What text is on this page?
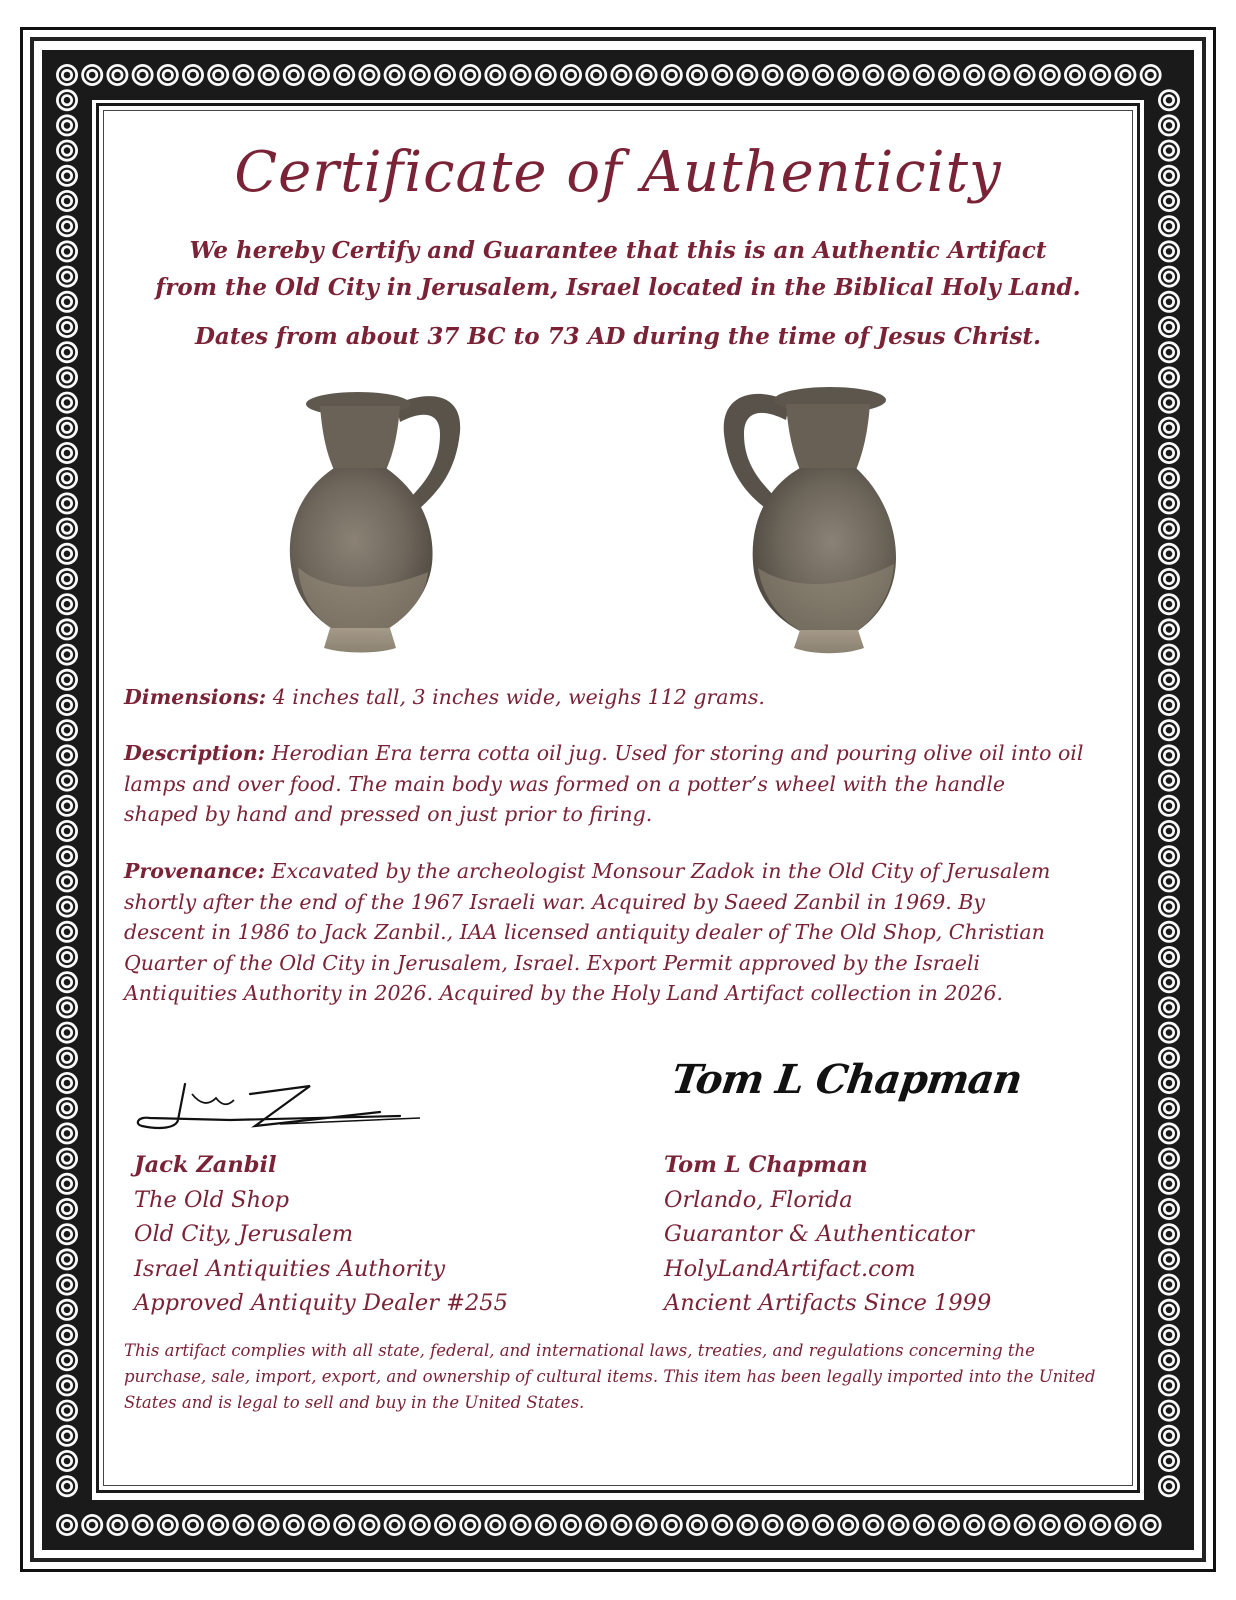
Certificate of Authenticity
We hereby Certify and Guarantee that this is an Authentic Artifact
from the Old City in Jerusalem, Israel located in the Biblical Holy Land.
Dates from about 37 BC to 73 AD during the time of Jesus Christ.
Dimensions: 4 inches tall, 3 inches wide, weighs 112 grams.
Description: Herodian Era terra cotta oil jug. Used for storing and pouring olive oil into oil lamps and over food. The main body was formed on a potter’s wheel with the handle shaped by hand and pressed on just prior to firing.
Provenance: Excavated by the archeologist Monsour Zadok in the Old City of Jerusalem shortly after the end of the 1967 Israeli war. Acquired by Saeed Zanbil in 1969. By descent in 1986 to Jack Zanbil., IAA licensed antiquity dealer of The Old Shop, Christian Quarter of the Old City in Jerusalem, Israel. Export Permit approved by the Israeli Antiquities Authority in 2026. Acquired by the Holy Land Artifact collection in 2026.
Tom L Chapman
Jack Zanbil
The Old Shop
Old City, Jerusalem
Israel Antiquities Authority
Approved Antiquity Dealer #255
Tom L Chapman
Orlando, Florida
Guarantor & Authenticator
HolyLandArtifact.com
Ancient Artifacts Since 1999
This artifact complies with all state, federal, and international laws, treaties, and regulations concerning the purchase, sale, import, export, and ownership of cultural items. This item has been legally imported into the United States and is legal to sell and buy in the United States.
